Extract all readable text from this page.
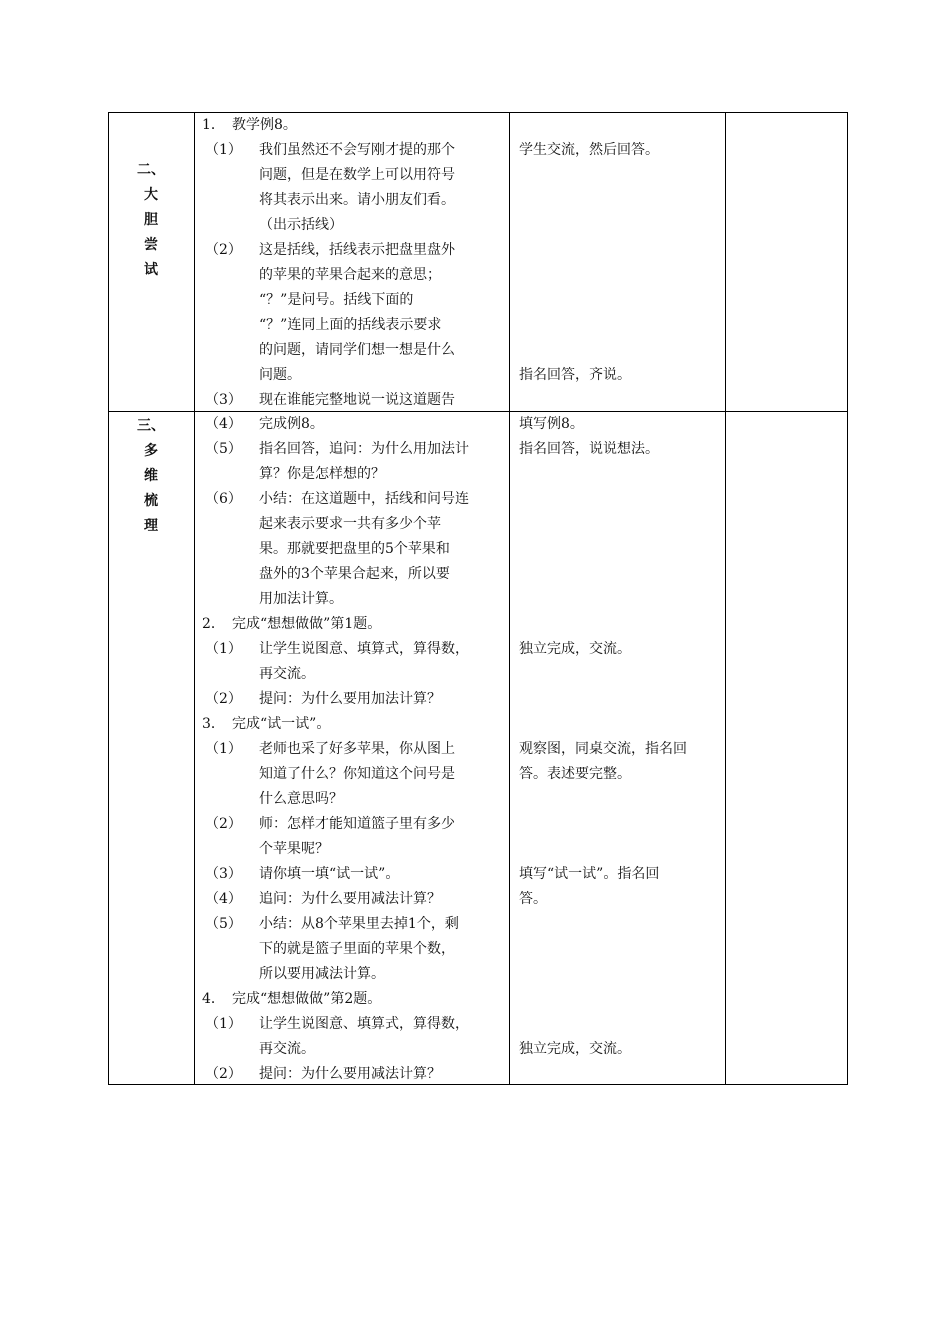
二、
大
胆
尝
试
三、
多
维
梳
理
1． 教学例8。
（1） 我们虽然还不会写刚才提的那个
问题，但是在数学上可以用符号
将其表示出来。请小朋友们看。
（出示括线）
（2） 这是括线，括线表示把盘里盘外
的苹果的苹果合起来的意思；
“？”是问号。括线下面的
“？”连同上面的括线表示要求
的问题，请同学们想一想是什么
问题。
（3） 现在谁能完整地说一说这道题告
学生交流，然后回答。
指名回答，齐说。
（4） 完成例8。
（5） 指名回答，追问：为什么用加法计
算？你是怎样想的？
（6） 小结：在这道题中，括线和问号连
起来表示要求一共有多少个苹
果。那就要把盘里的5个苹果和
盘外的3个苹果合起来，所以要
用加法计算。
2． 完成“想想做做”第1题。
（1） 让学生说图意、填算式，算得数，
再交流。
（2） 提问：为什么要用加法计算？
3． 完成“试一试”。
（1） 老师也采了好多苹果，你从图上
知道了什么？你知道这个问号是
什么意思吗？
（2） 师：怎样才能知道篮子里有多少
个苹果呢？
（3） 请你填一填“试一试”。
（4） 追问：为什么要用减法计算？
（5） 小结：从8个苹果里去掉1个，剩
下的就是篮子里面的苹果个数，
所以要用减法计算。
4． 完成“想想做做”第2题。
（1） 让学生说图意、填算式，算得数，
再交流。
（2） 提问：为什么要用减法计算？
填写例8。
指名回答，说说想法。
独立完成，交流。
观察图，同桌交流，指名回
答。表述要完整。
填写“试一试”。指名回
答。
独立完成，交流。
